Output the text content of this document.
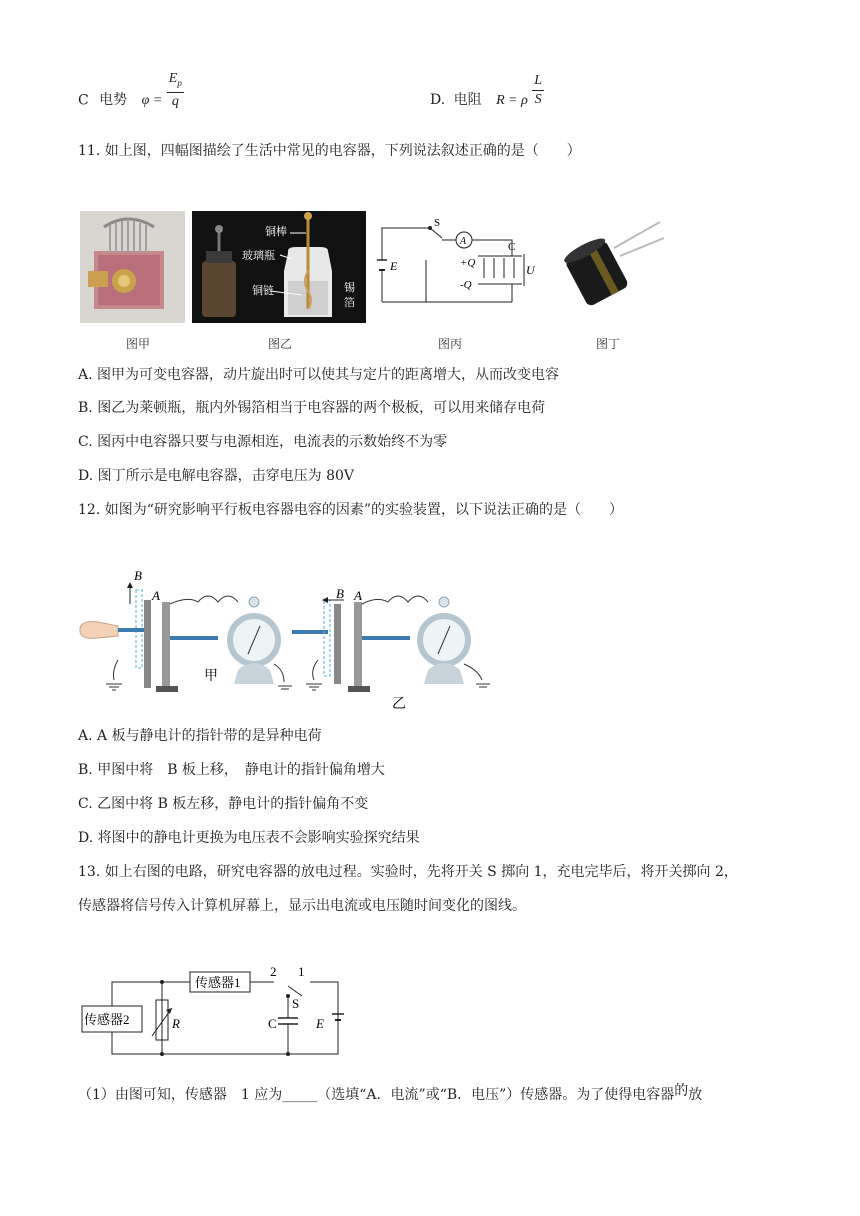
C 电势 $\varphi = \frac{E_p}{q}$	D. 电阻 R = ρ $\frac{L}{S}$
11. 如上图，四幅图描绘了生活中常见的电容器，下列说法叙述正确的是（　　）
铜棒
玻璃瓶
铜链	锡
箔
A
S
C
E	+Q
-Q
U
图甲	图乙	图丙	图丁
A. 图甲为可变电容器，动片旋出时可以使其与定片的距离增大，从而改变电容
B. 图乙为莱顿瓶，瓶内外锡箔相当于电容器的两个极板，可以用来储存电荷
C. 图丙中电容器只要与电源相连，电流表的示数始终不为零
D. 图丁所示是电解电容器，击穿电压为 80V
12. 如图为“研究影响平行板电容器电容的因素”的实验装置，以下说法正确的是（　　）
B
A	B A
甲
乙
A. A 板与静电计的指针带的是异种电荷
B. 甲图中将　B 板上移，　静电计的指针偏角增大
C. 乙图中将 B 板左移，静电计的指针偏角不变
D. 将图中的静电计更换为电压表不会影响实验探究结果
13. 如上右图的电路，研究电容器的放电过程。实验时，先将开关 S 掷向 1，充电完毕后，将开关掷向 2，
传感器将信号传入计算机屏幕上，显示出电流或电压随时间变化的图线。
传感器1
传感器2	R	C	E
S
1
2
（1）由图可知，传感器　1 应为_____（选填“A．电流”或“B．电压”）传感器。为了使得电容器的放
